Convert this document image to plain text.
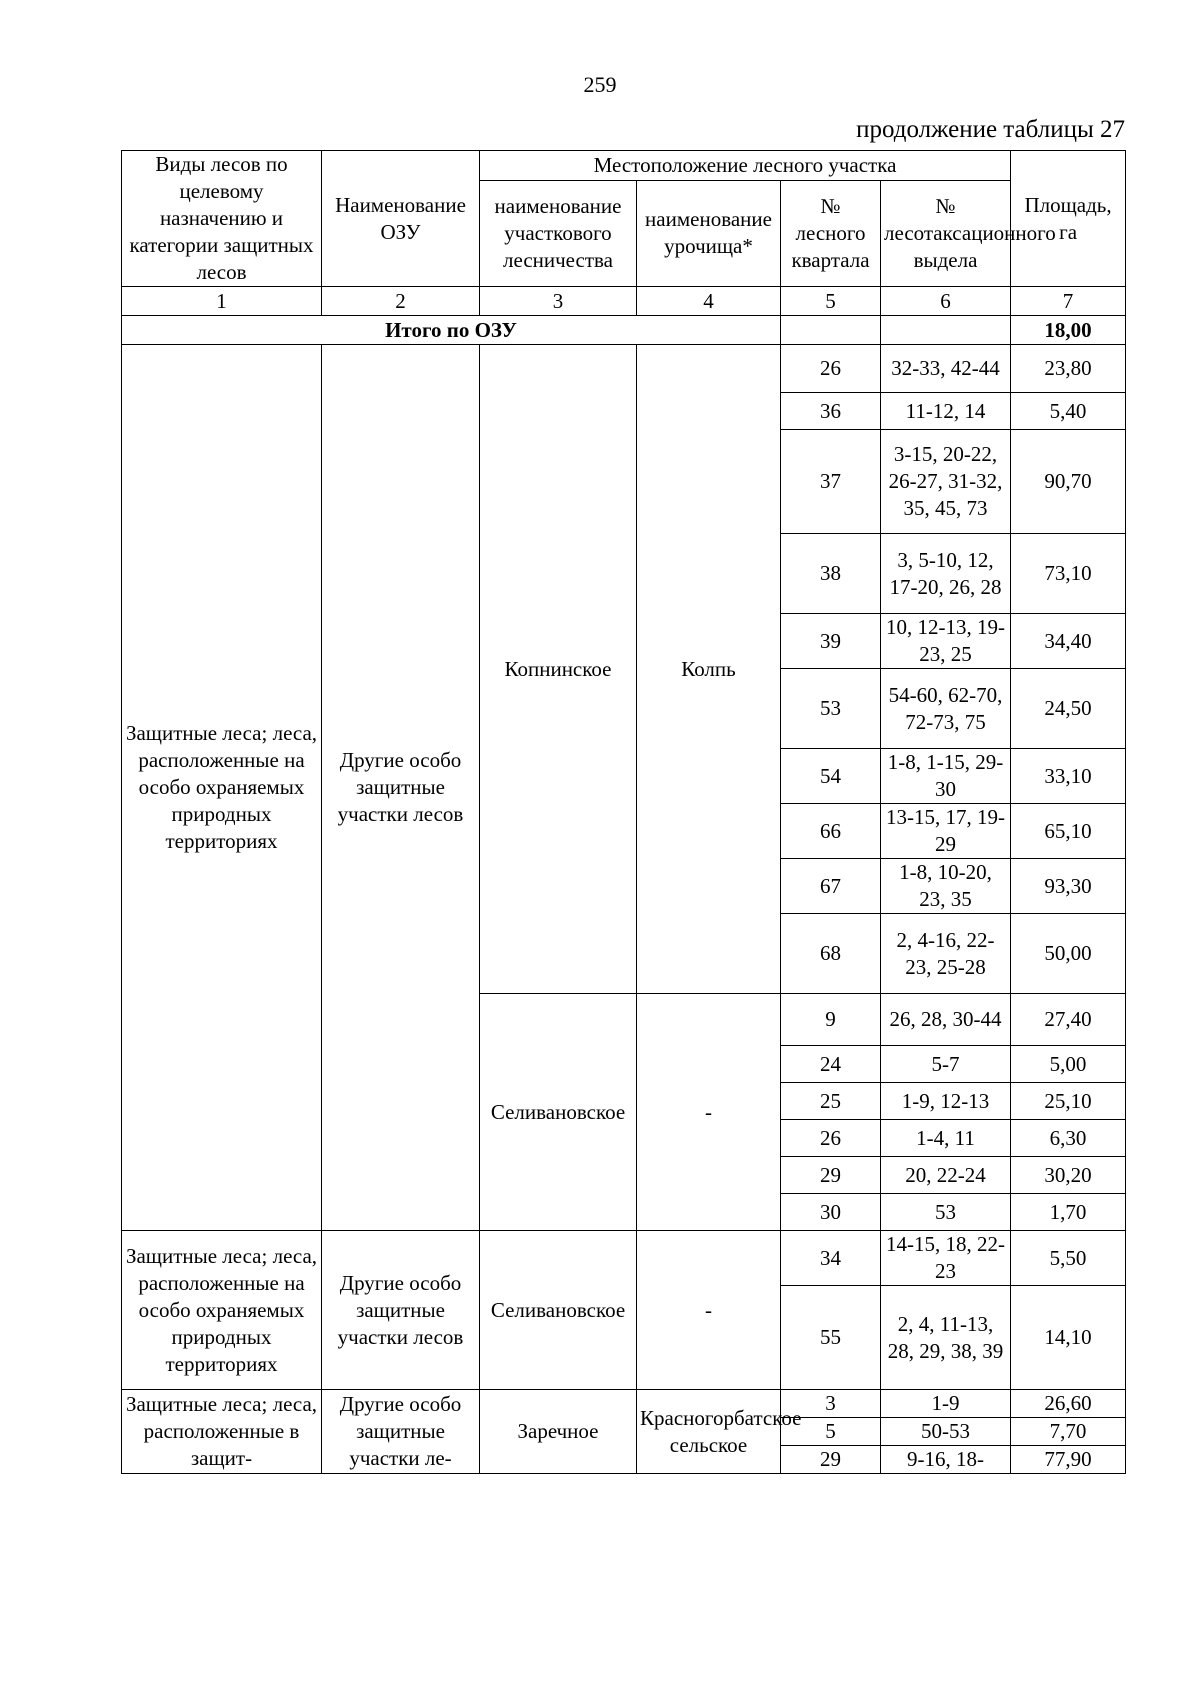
259
продолжение таблицы 27
Виды лесов по целевому назначению и категории защитных лесов	Наименование ОЗУ	Местоположение лесного участка				Площадь, га
		наименование участкового лесничества	наименование урочища*	№ лесного квартала	№ лесотаксационного выдела	
1	2	3	4	5	6	7
Итого по ОЗУ						18,00
Защитные леса; леса, расположенные на особо охраняемых природных территориях	Другие особо защитные участки лесов	Копнинское	Колпь	26	32-33, 42-44	23,80
				36	11-12, 14	5,40
				37	3-15, 20-22, 26-27, 31-32, 35, 45, 73	90,70
				38	3, 5-10, 12, 17-20, 26, 28	73,10
				39	10, 12-13, 19-23, 25	34,40
				53	54-60, 62-70, 72-73, 75	24,50
				54	1-8, 1-15, 29-30	33,10
				66	13-15, 17, 19-29	65,10
				67	1-8, 10-20, 23, 35	93,30
				68	2, 4-16, 22-23, 25-28	50,00
		Селивановское	-	9	26, 28, 30-44	27,40
				24	5-7	5,00
				25	1-9, 12-13	25,10
				26	1-4, 11	6,30
				29	20, 22-24	30,20
				30	53	1,70
Защитные леса; леса, расположенные на особо охраняемых природных территориях	Другие особо защитные участки лесов	Селивановское	-	34	14-15, 18, 22-23	5,50
				55	2, 4, 11-13, 28, 29, 38, 39	14,10
Защитные леса; леса, расположенные в защит-	Другие особо защитные участки ле-	Заречное	Красногорбатское сельское	3	1-9	26,60
				5	50-53	7,70
				29	9-16, 18-	77,90
